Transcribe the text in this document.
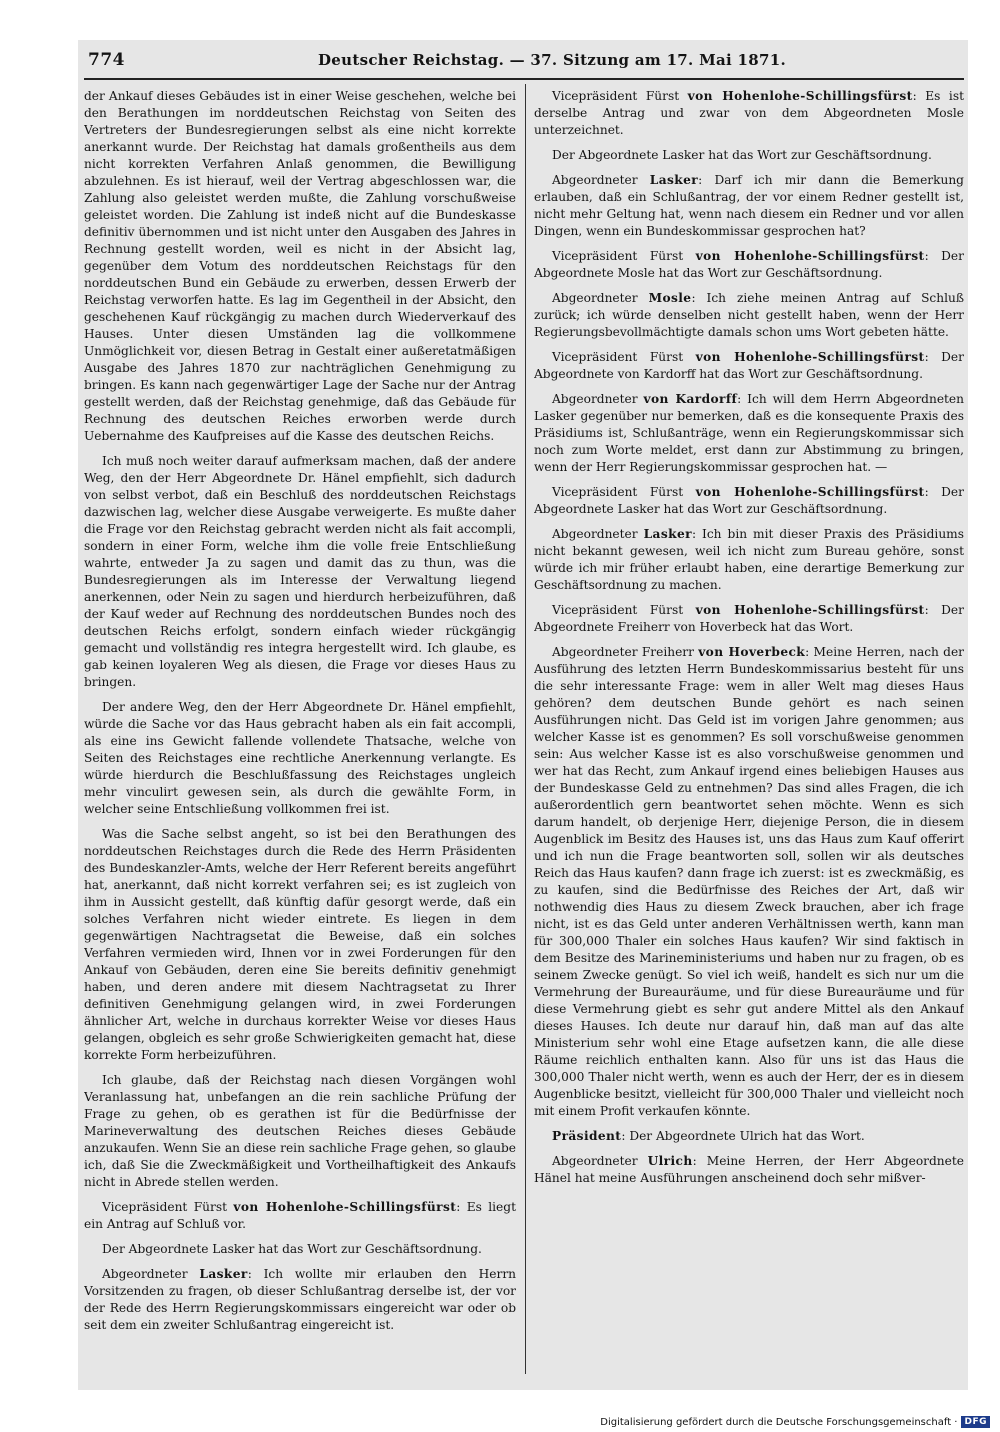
774	Deutscher Reichstag. — 37. Sitzung am 17. Mai 1871.

der Ankauf dieses Gebäudes ist in einer Weise geschehen, welche bei den Berathungen im norddeutschen Reichstag von Seiten des Vertreters der Bundesregierungen selbst als eine nicht korrekte anerkannt wurde. Der Reichstag hat damals großentheils aus dem nicht korrekten Verfahren Anlaß genommen, die Bewilligung abzulehnen. Es ist hierauf, weil der Vertrag abgeschlossen war, die Zahlung also geleistet werden mußte, die Zahlung vorschußweise geleistet worden. Die Zahlung ist indeß nicht auf die Bundeskasse definitiv übernommen und ist nicht unter den Ausgaben des Jahres in Rechnung gestellt worden, weil es nicht in der Absicht lag, gegenüber dem Votum des norddeutschen Reichstags für den norddeutschen Bund ein Gebäude zu erwerben, dessen Erwerb der Reichstag verworfen hatte. Es lag im Gegentheil in der Absicht, den geschehenen Kauf rückgängig zu machen durch Wiederverkauf des Hauses. Unter diesen Umständen lag die vollkommene Unmöglichkeit vor, diesen Betrag in Gestalt einer außeretatmäßigen Ausgabe des Jahres 1870 zur nachträglichen Genehmigung zu bringen. Es kann nach gegenwärtiger Lage der Sache nur der Antrag gestellt werden, daß der Reichstag genehmige, daß das Gebäude für Rechnung des deutschen Reiches erworben werde durch Uebernahme des Kaufpreises auf die Kasse des deutschen Reichs.

Ich muß noch weiter darauf aufmerksam machen, daß der andere Weg, den der Herr Abgeordnete Dr. Hänel empfiehlt, sich dadurch von selbst verbot, daß ein Beschluß des norddeutschen Reichstags dazwischen lag, welcher diese Ausgabe verweigerte. Es mußte daher die Frage vor den Reichstag gebracht werden nicht als fait accompli, sondern in einer Form, welche ihm die volle freie Entschließung wahrte, entweder Ja zu sagen und damit das zu thun, was die Bundesregierungen als im Interesse der Verwaltung liegend anerkennen, oder Nein zu sagen und hierdurch herbeizuführen, daß der Kauf weder auf Rechnung des norddeutschen Bundes noch des deutschen Reichs erfolgt, sondern einfach wieder rückgängig gemacht und vollständig res integra hergestellt wird. Ich glaube, es gab keinen loyaleren Weg als diesen, die Frage vor dieses Haus zu bringen.

Der andere Weg, den der Herr Abgeordnete Dr. Hänel empfiehlt, würde die Sache vor das Haus gebracht haben als ein fait accompli, als eine ins Gewicht fallende vollendete Thatsache, welche von Seiten des Reichstages eine rechtliche Anerkennung verlangte. Es würde hierdurch die Beschlußfassung des Reichstages ungleich mehr vinculirt gewesen sein, als durch die gewählte Form, in welcher seine Entschließung vollkommen frei ist.

Was die Sache selbst angeht, so ist bei den Berathungen des norddeutschen Reichstages durch die Rede des Herrn Präsidenten des Bundeskanzler-Amts, welche der Herr Referent bereits angeführt hat, anerkannt, daß nicht korrekt verfahren sei; es ist zugleich von ihm in Aussicht gestellt, daß künftig dafür gesorgt werde, daß ein solches Verfahren nicht wieder eintrete. Es liegen in dem gegenwärtigen Nachtragsetat die Beweise, daß ein solches Verfahren vermieden wird, Ihnen vor in zwei Forderungen für den Ankauf von Gebäuden, deren eine Sie bereits definitiv genehmigt haben, und deren andere mit diesem Nachtragsetat zu Ihrer definitiven Genehmigung gelangen wird, in zwei Forderungen ähnlicher Art, welche in durchaus korrekter Weise vor dieses Haus gelangen, obgleich es sehr große Schwierigkeiten gemacht hat, diese korrekte Form herbeizuführen.

Ich glaube, daß der Reichstag nach diesen Vorgängen wohl Veranlassung hat, unbefangen an die rein sachliche Prüfung der Frage zu gehen, ob es gerathen ist für die Bedürfnisse der Marineverwaltung des deutschen Reiches dieses Gebäude anzukaufen. Wenn Sie an diese rein sachliche Frage gehen, so glaube ich, daß Sie die Zweckmäßigkeit und Vortheilhaftigkeit des Ankaufs nicht in Abrede stellen werden.

Vicepräsident Fürst von Hohenlohe-Schillingsfürst: Es liegt ein Antrag auf Schluß vor.

Der Abgeordnete Lasker hat das Wort zur Geschäftsordnung.

Abgeordneter Lasker: Ich wollte mir erlauben den Herrn Vorsitzenden zu fragen, ob dieser Schlußantrag derselbe ist, der vor der Rede des Herrn Regierungskommissars eingereicht war oder ob seit dem ein zweiter Schlußantrag eingereicht ist.

Vicepräsident Fürst von Hohenlohe-Schillingsfürst: Es ist derselbe Antrag und zwar von dem Abgeordneten Mosle unterzeichnet.

Der Abgeordnete Lasker hat das Wort zur Geschäftsordnung.

Abgeordneter Lasker: Darf ich mir dann die Bemerkung erlauben, daß ein Schlußantrag, der vor einem Redner gestellt ist, nicht mehr Geltung hat, wenn nach diesem ein Redner und vor allen Dingen, wenn ein Bundeskommissar gesprochen hat?

Vicepräsident Fürst von Hohenlohe-Schillingsfürst: Der Abgeordnete Mosle hat das Wort zur Geschäftsordnung.

Abgeordneter Mosle: Ich ziehe meinen Antrag auf Schluß zurück; ich würde denselben nicht gestellt haben, wenn der Herr Regierungsbevollmächtigte damals schon ums Wort gebeten hätte.

Vicepräsident Fürst von Hohenlohe-Schillingsfürst: Der Abgeordnete von Kardorff hat das Wort zur Geschäftsordnung.

Abgeordneter von Kardorff: Ich will dem Herrn Abgeordneten Lasker gegenüber nur bemerken, daß es die konsequente Praxis des Präsidiums ist, Schlußanträge, wenn ein Regierungskommissar sich noch zum Worte meldet, erst dann zur Abstimmung zu bringen, wenn der Herr Regierungskommissar gesprochen hat. —

Vicepräsident Fürst von Hohenlohe-Schillingsfürst: Der Abgeordnete Lasker hat das Wort zur Geschäftsordnung.

Abgeordneter Lasker: Ich bin mit dieser Praxis des Präsidiums nicht bekannt gewesen, weil ich nicht zum Bureau gehöre, sonst würde ich mir früher erlaubt haben, eine derartige Bemerkung zur Geschäftsordnung zu machen.

Vicepräsident Fürst von Hohenlohe-Schillingsfürst: Der Abgeordnete Freiherr von Hoverbeck hat das Wort.

Abgeordneter Freiherr von Hoverbeck: Meine Herren, nach der Ausführung des letzten Herrn Bundeskommissarius besteht für uns die sehr interessante Frage: wem in aller Welt mag dieses Haus gehören? dem deutschen Bunde gehört es nach seinen Ausführungen nicht. Das Geld ist im vorigen Jahre genommen; aus welcher Kasse ist es genommen? Es soll vorschußweise genommen sein: Aus welcher Kasse ist es also vorschußweise genommen und wer hat das Recht, zum Ankauf irgend eines beliebigen Hauses aus der Bundeskasse Geld zu entnehmen? Das sind alles Fragen, die ich außerordentlich gern beantwortet sehen möchte. Wenn es sich darum handelt, ob derjenige Herr, diejenige Person, die in diesem Augenblick im Besitz des Hauses ist, uns das Haus zum Kauf offerirt und ich nun die Frage beantworten soll, sollen wir als deutsches Reich das Haus kaufen? dann frage ich zuerst: ist es zweckmäßig, es zu kaufen, sind die Bedürfnisse des Reiches der Art, daß wir nothwendig dies Haus zu diesem Zweck brauchen, aber ich frage nicht, ist es das Geld unter anderen Verhältnissen werth, kann man für 300,000 Thaler ein solches Haus kaufen? Wir sind faktisch in dem Besitze des Marineministeriums und haben nur zu fragen, ob es seinem Zwecke genügt. So viel ich weiß, handelt es sich nur um die Vermehrung der Bureauräume, und für diese Bureauräume und für diese Vermehrung giebt es sehr gut andere Mittel als den Ankauf dieses Hauses. Ich deute nur darauf hin, daß man auf das alte Ministerium sehr wohl eine Etage aufsetzen kann, die alle diese Räume reichlich enthalten kann. Also für uns ist das Haus die 300,000 Thaler nicht werth, wenn es auch der Herr, der es in diesem Augenblicke besitzt, vielleicht für 300,000 Thaler und vielleicht noch mit einem Profit verkaufen könnte.

Präsident: Der Abgeordnete Ulrich hat das Wort.

Abgeordneter Ulrich: Meine Herren, der Herr Abgeordnete Hänel hat meine Ausführungen anscheinend doch sehr mißver-

Digitalisierung gefördert durch die Deutsche Forschungsgemeinschaft · DFG
